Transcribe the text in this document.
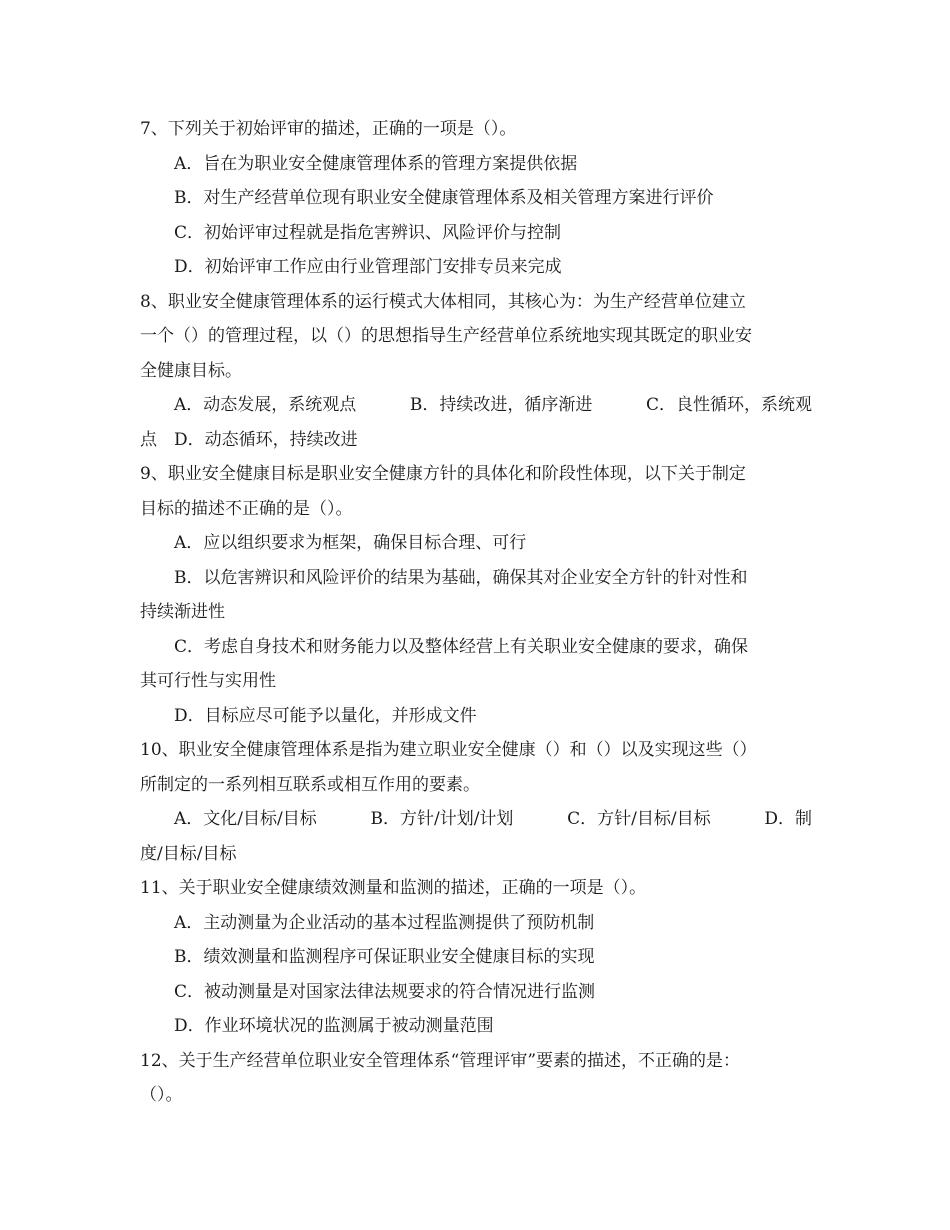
7、下列关于初始评审的描述，正确的一项是（）。
A．旨在为职业安全健康管理体系的管理方案提供依据
B．对生产经营单位现有职业安全健康管理体系及相关管理方案进行评价
C．初始评审过程就是指危害辨识、风险评价与控制
D．初始评审工作应由行业管理部门安排专员来完成
8、职业安全健康管理体系的运行模式大体相同，其核心为：为生产经营单位建立
一个（）的管理过程，以（）的思想指导生产经营单位系统地实现其既定的职业安
全健康目标。
A．动态发展，系统观点	B．持续改进，循序渐进	C．良性循环，系统观
点　D．动态循环，持续改进
9、职业安全健康目标是职业安全健康方针的具体化和阶段性体现，以下关于制定
目标的描述不正确的是（）。
A．应以组织要求为框架，确保目标合理、可行
B．以危害辨识和风险评价的结果为基础，确保其对企业安全方针的针对性和
持续渐进性
C．考虑自身技术和财务能力以及整体经营上有关职业安全健康的要求，确保
其可行性与实用性
D．目标应尽可能予以量化，并形成文件
10、职业安全健康管理体系是指为建立职业安全健康（）和（）以及实现这些（）
所制定的一系列相互联系或相互作用的要素。
A．文化/目标/目标	B．方针/计划/计划	C．方针/目标/目标	D．制
度/目标/目标
11、关于职业安全健康绩效测量和监测的描述，正确的一项是（）。
A．主动测量为企业活动的基本过程监测提供了预防机制
B．绩效测量和监测程序可保证职业安全健康目标的实现
C．被动测量是对国家法律法规要求的符合情况进行监测
D．作业环境状况的监测属于被动测量范围
12、关于生产经营单位职业安全管理体系“管理评审”要素的描述，不正确的是：
（）。
